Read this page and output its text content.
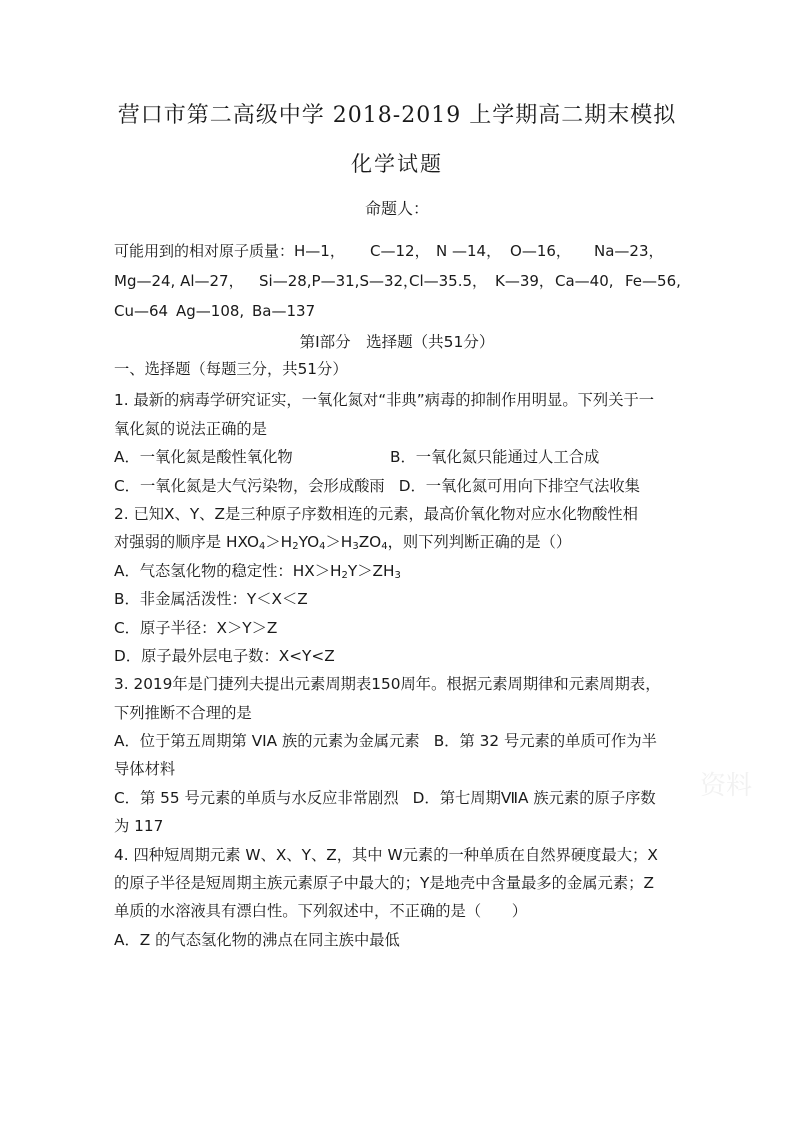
营口市第二高级中学 2018-2019 上学期高二期末模拟
化学试题
命题人：
可能用到的相对原子质量： H—1，	C—12， N —14， O—16，	Na—23，
Mg—24, Al—27，	Si—28,P—31,S—32，
Cl—35.5， K—39， Ca—40, Fe—56,
Cu—64 Ag—108, Ba—137
第Ⅰ部分　选择题（共51分）
一、选择题（每题三分，共51分）
1. 最新的病毒学研究证实，一氧化氮对“非典”病毒的抑制作用明显。下列关于一
氧化氮的说法正确的是
A．一氧化氮是酸性氧化物	B．一氧化氮只能通过人工合成
C．一氧化氮是大气污染物，会形成酸雨 D．一氧化氮可用向下排空气法收集
2. 已知X、Y、Z是三种原子序数相连的元素，最高价氧化物对应水化物酸性相
对强弱的顺序是 $HXO_4>H_2YO_4>H_3ZO_4$，则下列判断正确的是（）
A．气态氢化物的稳定性：$HX>H_2Y>ZH_3$
B．非金属活泼性：Y＜X＜Z
C．原子半径：X＞Y＞Z
D．原子最外层电子数：X<Y<Z
3. 2019年是门捷列夫提出元素周期表150周年。根据元素周期律和元素周期表，
下列推断不合理的是
A．位于第五周期第 VIA 族的元素为金属元素 B．第 32 号元素的单质可作为半
导体材料
C．第 55 号元素的单质与水反应非常剧烈 D．第七周期ⅦA 族元素的原子序数
为 117
4. 四种短周期元素 W、X、Y、Z，其中 W元素的一种单质在自然界硬度最大；X
的原子半径是短周期主族元素原子中最大的；Y是地壳中含量最多的金属元素；Z
单质的水溶液具有漂白性。下列叙述中，不正确的是（　　）
A．Z 的气态氢化物的沸点在同主族中最低
资料
